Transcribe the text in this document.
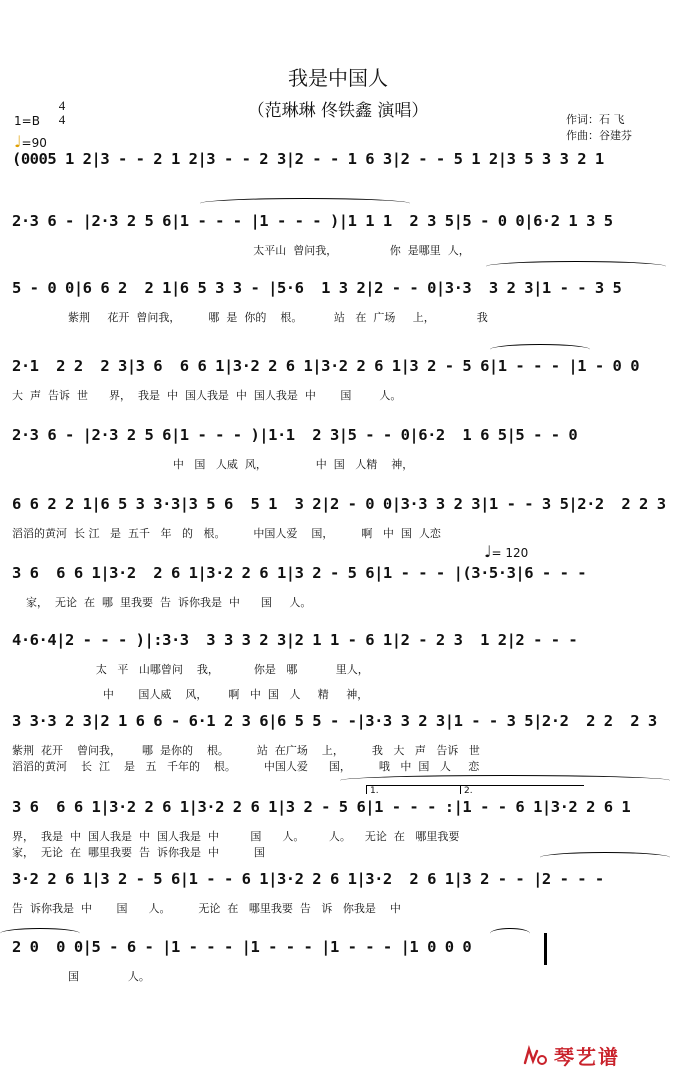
我是中国人
（范琳琳 佟铁鑫 演唱）	作词：石 飞
作曲：谷建芬
1=B
4
4
♩=90
♩= 120
(0005 1 2|3 - - 2 1 2|3 - - 2 3|2 - - 1 6 3|2 - - 5 1 2|3 5 3 3 2 1
2·3 6 - |2·3 2 5 6|1 - - - |1 - - - )|1 1 1  2 3 5|5 - 0 0|6·2 1 3 5
太平山  曾问我，               你  是哪里  人，
5 - 0 0|6 6 2  2 1|6 5 3 3 - |5·6  1 3 2|2 - - 0|3·3  3 2 3|1 - - 3 5
紫荆     花开  曾问我，        哪  是  你的    根。         站   在  广场     上，            我
2·1  2 2  2 3|3 6  6 6 1|3·2 2 6 1|3·2 2 6 1|3 2 - 5 6|1 - - - |1 - 0 0
大  声  告诉  世      界，  我是  中  国人我是  中  国人我是  中       国        人。
2·3 6 - |2·3 2 5 6|1 - - - )|1·1  2 3|5 - - 0|6·2  1 6 5|5 - - 0
中   国   人威  风，              中  国   人精    神，
6 6 2 2 1|6 5 3 3·3|3 5 6  5 1  3 2|2 - 0 0|3·3 3 2 3|1 - - 3 5|2·2  2 2 3
滔滔的黄河  长 江   是  五千   年   的   根。        中国人爱    国，        啊   中  国  人恋
3 6  6 6 1|3·2  2 6 1|3·2 2 6 1|3 2 - 5 6|1 - - - |(3·5·3|6 - - -
家，  无论  在  哪  里我要  告  诉你我是  中      国     人。
4·6·4|2 - - - )|:3·3  3 3 3 2 3|2 1 1 - 6 1|2 - 2 3  1 2|2 - - -
太   平   山哪曾问    我，          你是   哪           里人，
中       国人威    风，      啊   中  国   人     精     神，
3 3·3 2 3|2 1 6 6 - 6·1 2 3 6|6 5 5 - -|3·3 3 2 3|1 - - 3 5|2·2  2 2  2 3
紫荆  花开    曾问我，      哪  是你的    根。        站  在广场    上，        我   大   声   告诉   世
滔滔的黄河    长  江    是   五   千年的    根。        中国人爱      国，        哦   中  国   人     恋
3 6  6 6 1|3·2 2 6 1|3·2 2 6 1|3 2 - 5 6|1 - - - :|1 - - 6 1|3·2 2 6 1
界，  我是  中  国人我是  中  国人我是  中         国      人。       人。    无论  在   哪里我要
家，  无论  在  哪里我要  告  诉你我是  中          国
3·2 2 6 1|3 2 - 5 6|1 - - 6 1|3·2 2 6 1|3·2  2 6 1|3 2 - - |2 - - -
告  诉你我是  中       国      人。        无论  在   哪里我要  告   诉   你我是    中
2 0  0 0|5 - 6 - |1 - - - |1 - - - |1 - - - |1 0 0 0
国              人。
1.	2.
琴艺谱
